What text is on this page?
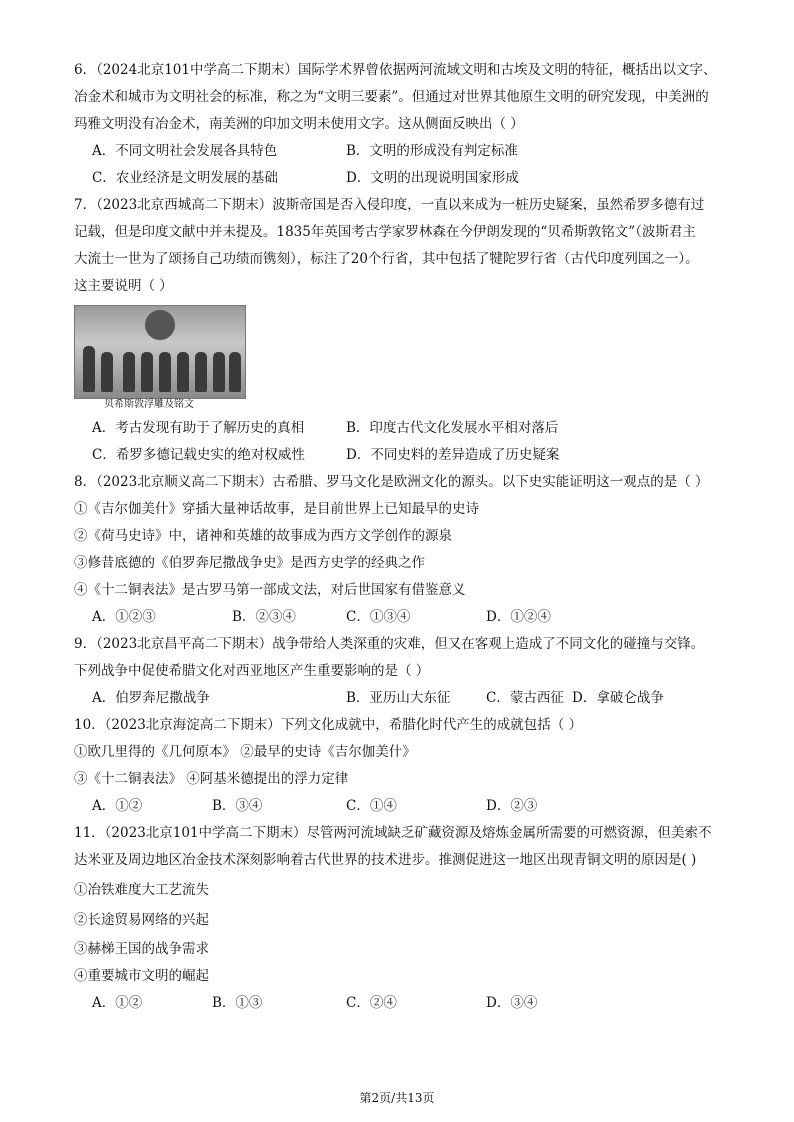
6．（2024北京101中学高二下期末）国际学术界曾依据两河流域文明和古埃及文明的特征，概括出以文字、
冶金术和城市为文明社会的标准，称之为“文明三要素”。但通过对世界其他原生文明的研究发现，中美洲的
玛雅文明没有冶金术，南美洲的印加文明未使用文字。这从侧面反映出（ ）
A．不同文明社会发展各具特色	B．文明的形成没有判定标准
C．农业经济是文明发展的基础	D．文明的出现说明国家形成
7．（2023北京西城高二下期末）波斯帝国是否入侵印度，一直以来成为一桩历史疑案，虽然希罗多德有过
记载，但是印度文献中并未提及。1835年英国考古学家罗林森在今伊朗发现的“贝希斯敦铭文”（波斯君主
大流士一世为了颂扬自己功绩而镌刻），标注了20个行省，其中包括了犍陀罗行省（古代印度列国之一）。
这主要说明（ ）
贝希斯敦浮雕及铭文
A．考古发现有助于了解历史的真相	B．印度古代文化发展水平相对落后
C．希罗多德记载史实的绝对权威性	D．不同史料的差异造成了历史疑案
8．（2023北京顺义高二下期末）古希腊、罗马文化是欧洲文化的源头。以下史实能证明这一观点的是（ ）
①《吉尔伽美什》穿插大量神话故事，是目前世界上已知最早的史诗
②《荷马史诗》中，诸神和英雄的故事成为西方文学创作的源泉
③修昔底德的《伯罗奔尼撒战争史》是西方史学的经典之作
④《十二铜表法》是古罗马第一部成文法，对后世国家有借鉴意义
A．①②③	B．②③④	C．①③④	D．①②④
9．（2023北京昌平高二下期末）战争带给人类深重的灾难，但又在客观上造成了不同文化的碰撞与交锋。
下列战争中促使希腊文化对西亚地区产生重要影响的是（ ）
A．伯罗奔尼撒战争	B．亚历山大东征	C．蒙古西征 D．拿破仑战争
10．（2023北京海淀高二下期末）下列文化成就中，希腊化时代产生的成就包括（ ）
①欧几里得的《几何原本》 ②最早的史诗《吉尔伽美什》
③《十二铜表法》 ④阿基米德提出的浮力定律
A．①②	B．③④	C．①④	D．②③
11．（2023北京101中学高二下期末）尽管两河流域缺乏矿藏资源及熔炼金属所需要的可燃资源，但美索不
达米亚及周边地区冶金技术深刻影响着古代世界的技术进步。推测促进这一地区出现青铜文明的原因是( )
①冶铁难度大工艺流失
②长途贸易网络的兴起
③赫梯王国的战争需求
④重要城市文明的崛起
A．①②	B．①③	C．②④	D．③④
第2页/共13页
